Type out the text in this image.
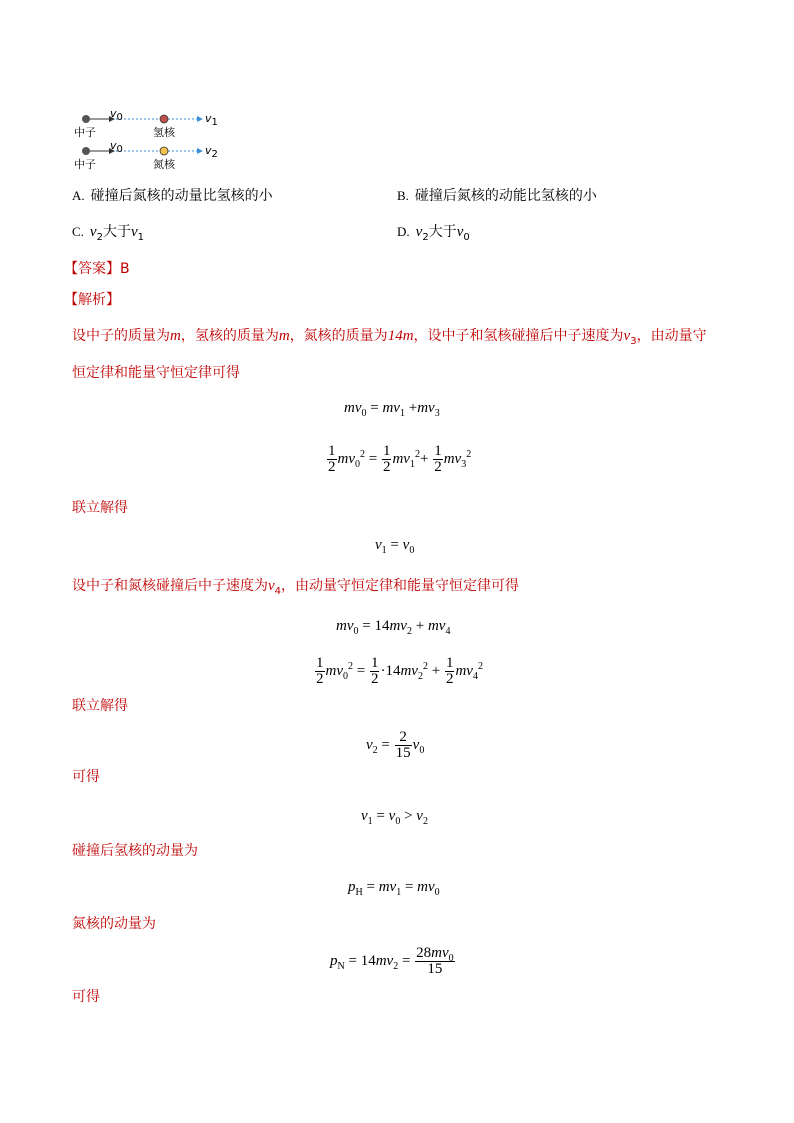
$v_0$	$v_1$
中子	氢核
$v_0$	$v_2$
中子	氮核
A. 碰撞后氮核的动量比氢核的小	B. 碰撞后氮核的动能比氢核的小
C. $v_2$大于$v_1$	D. $v_2$大于$v_0$
【答案】B
【解析】
设中子的质量为m，氢核的质量为m，氮核的质量为14m，设中子和氢核碰撞后中子速度为$v_3$，由动量守
恒定律和能量守恒定律可得
$mv_0 = mv_1 +mv_3$
$\frac{1}{2} mv_0^2 = \frac{1}{2} mv_1^2+ \frac{1}{2} mv_3^2$
联立解得
$v_1 = v_0$
设中子和氮核碰撞后中子速度为$v_4$，由动量守恒定律和能量守恒定律可得
$mv_0 = 14mv_2 + mv_4$
$\frac{1}{2} mv_0^2 = \frac{1}{2} \cdot 14mv_2^2 + \frac{1}{2} mv_4^2$
联立解得
$v_2 = \frac{2}{15} v_0$
可得
$v_1 = v_0 > v_2$
碰撞后氢核的动量为
$p_H = mv_1 = mv_0$
氮核的动量为
$p_N = 14mv_2 = \frac{28mv_0}{15}$
可得
